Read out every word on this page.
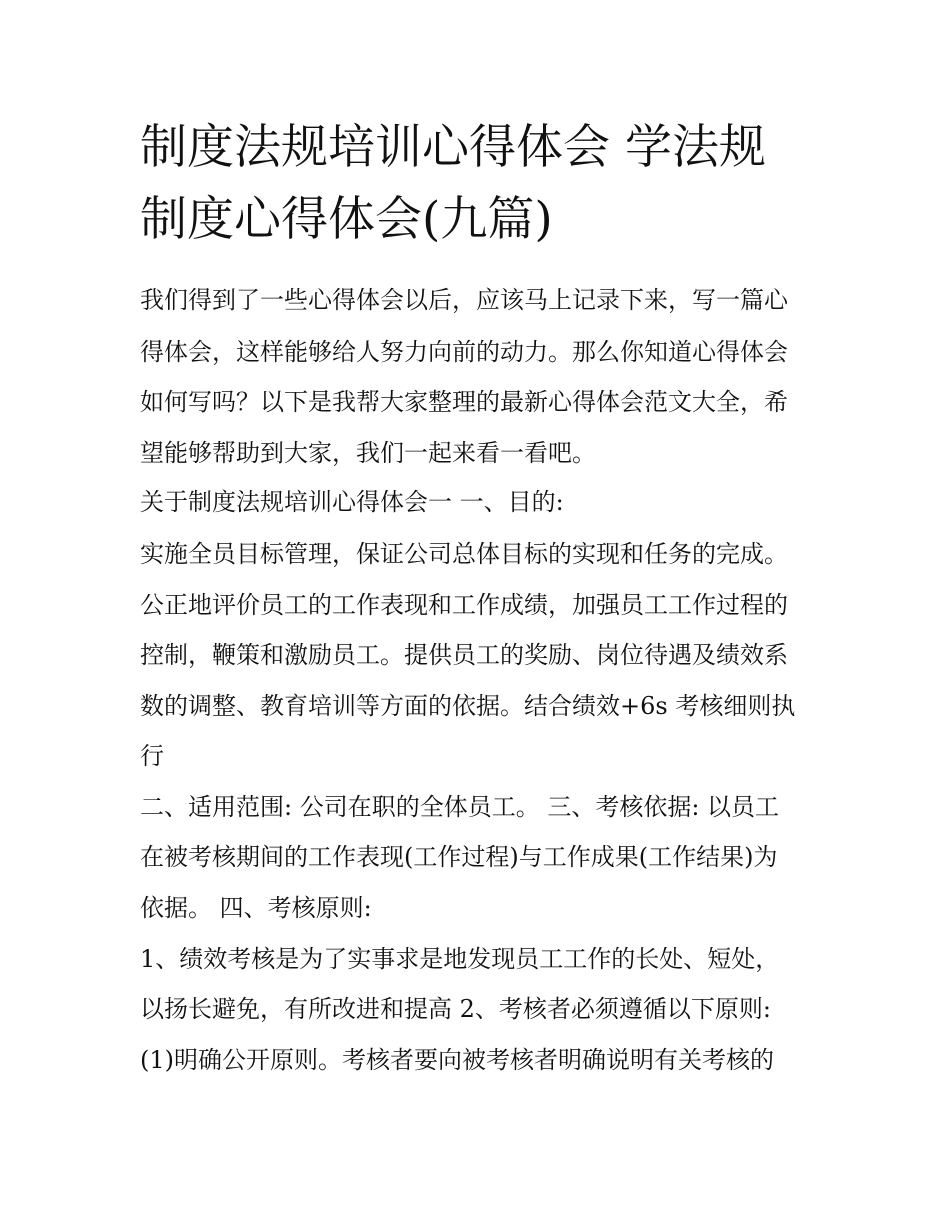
制度法规培训心得体会 学法规
制度心得体会(九篇)

我们得到了一些心得体会以后，应该马上记录下来，写一篇心

得体会，这样能够给人努力向前的动力。那么你知道心得体会

如何写吗？以下是我帮大家整理的最新心得体会范文大全，希

望能够帮助到大家，我们一起来看一看吧。

关于制度法规培训心得体会一 一、目的:

实施全员目标管理，保证公司总体目标的实现和任务的完成。

公正地评价员工的工作表现和工作成绩，加强员工工作过程的

控制，鞭策和激励员工。提供员工的奖励、岗位待遇及绩效系

数的调整、教育培训等方面的依据。结合绩效+6s 考核细则执

行

二、适用范围: 公司在职的全体员工。 三、考核依据: 以员工

在被考核期间的工作表现(工作过程)与工作成果(工作结果)为

依据。 四、考核原则:

1、绩效考核是为了实事求是地发现员工工作的长处、短处，

以扬长避免，有所改进和提高 2、考核者必须遵循以下原则:

(1)明确公开原则。考核者要向被考核者明确说明有关考核的
